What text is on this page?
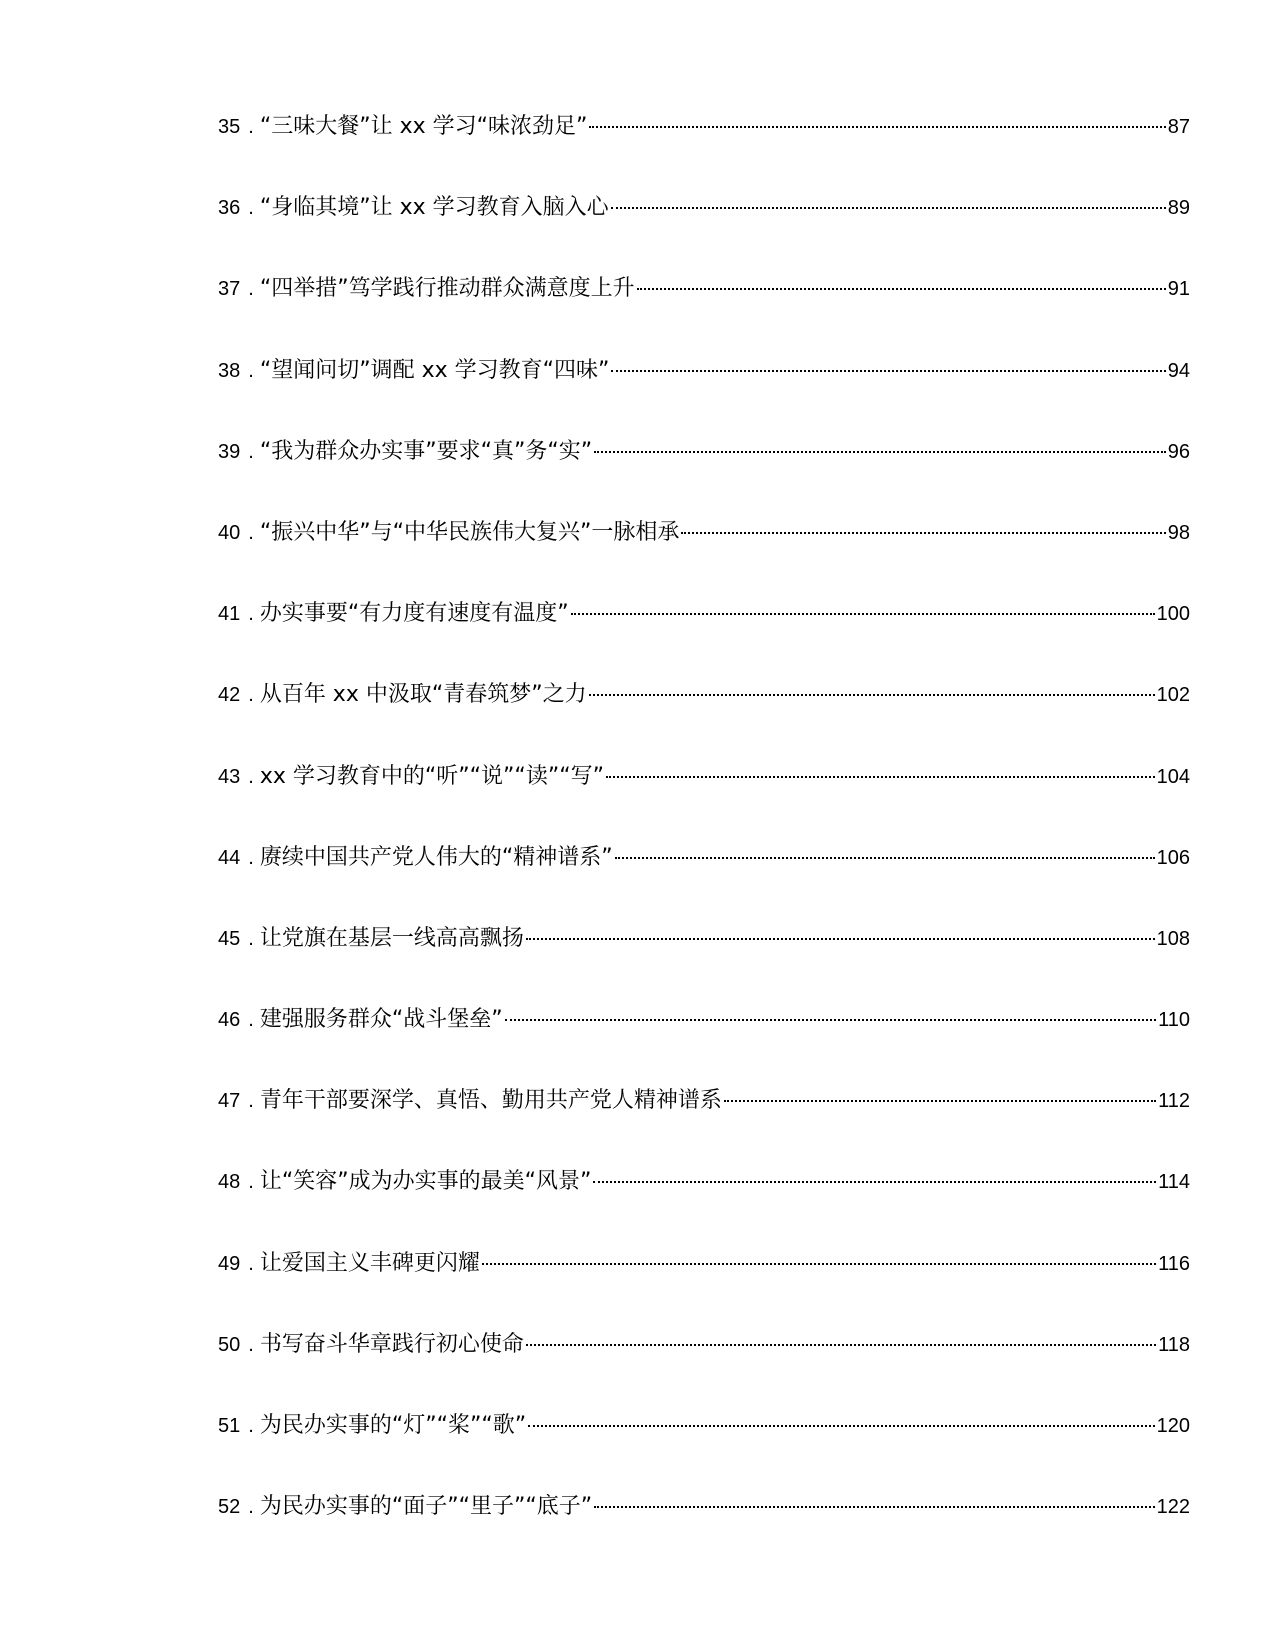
35 . “三味大餐”让 xx 学习“味浓劲足”	87
36 . “身临其境”让 xx 学习教育入脑入心	89
37 . “四举措”笃学践行推动群众满意度上升	91
38 . “望闻问切”调配 xx 学习教育“四味”	94
39 . “我为群众办实事”要求“真”务“实”	96
40 . “振兴中华”与“中华民族伟大复兴”一脉相承	98
41 . 办实事要“有力度有速度有温度”	100
42 . 从百年 xx 中汲取“青春筑梦”之力	102
43 . xx 学习教育中的“听”“说”“读”“写”	104
44 . 赓续中国共产党人伟大的“精神谱系”	106
45 . 让党旗在基层一线高高飘扬	108
46 . 建强服务群众“战斗堡垒”	110
47 . 青年干部要深学、真悟、勤用共产党人精神谱系	112
48 . 让“笑容”成为办实事的最美“风景”	114
49 . 让爱国主义丰碑更闪耀	116
50 . 书写奋斗华章践行初心使命	118
51 . 为民办实事的“灯”“桨”“歌”	120
52 . 为民办实事的“面子”“里子”“底子”	122
